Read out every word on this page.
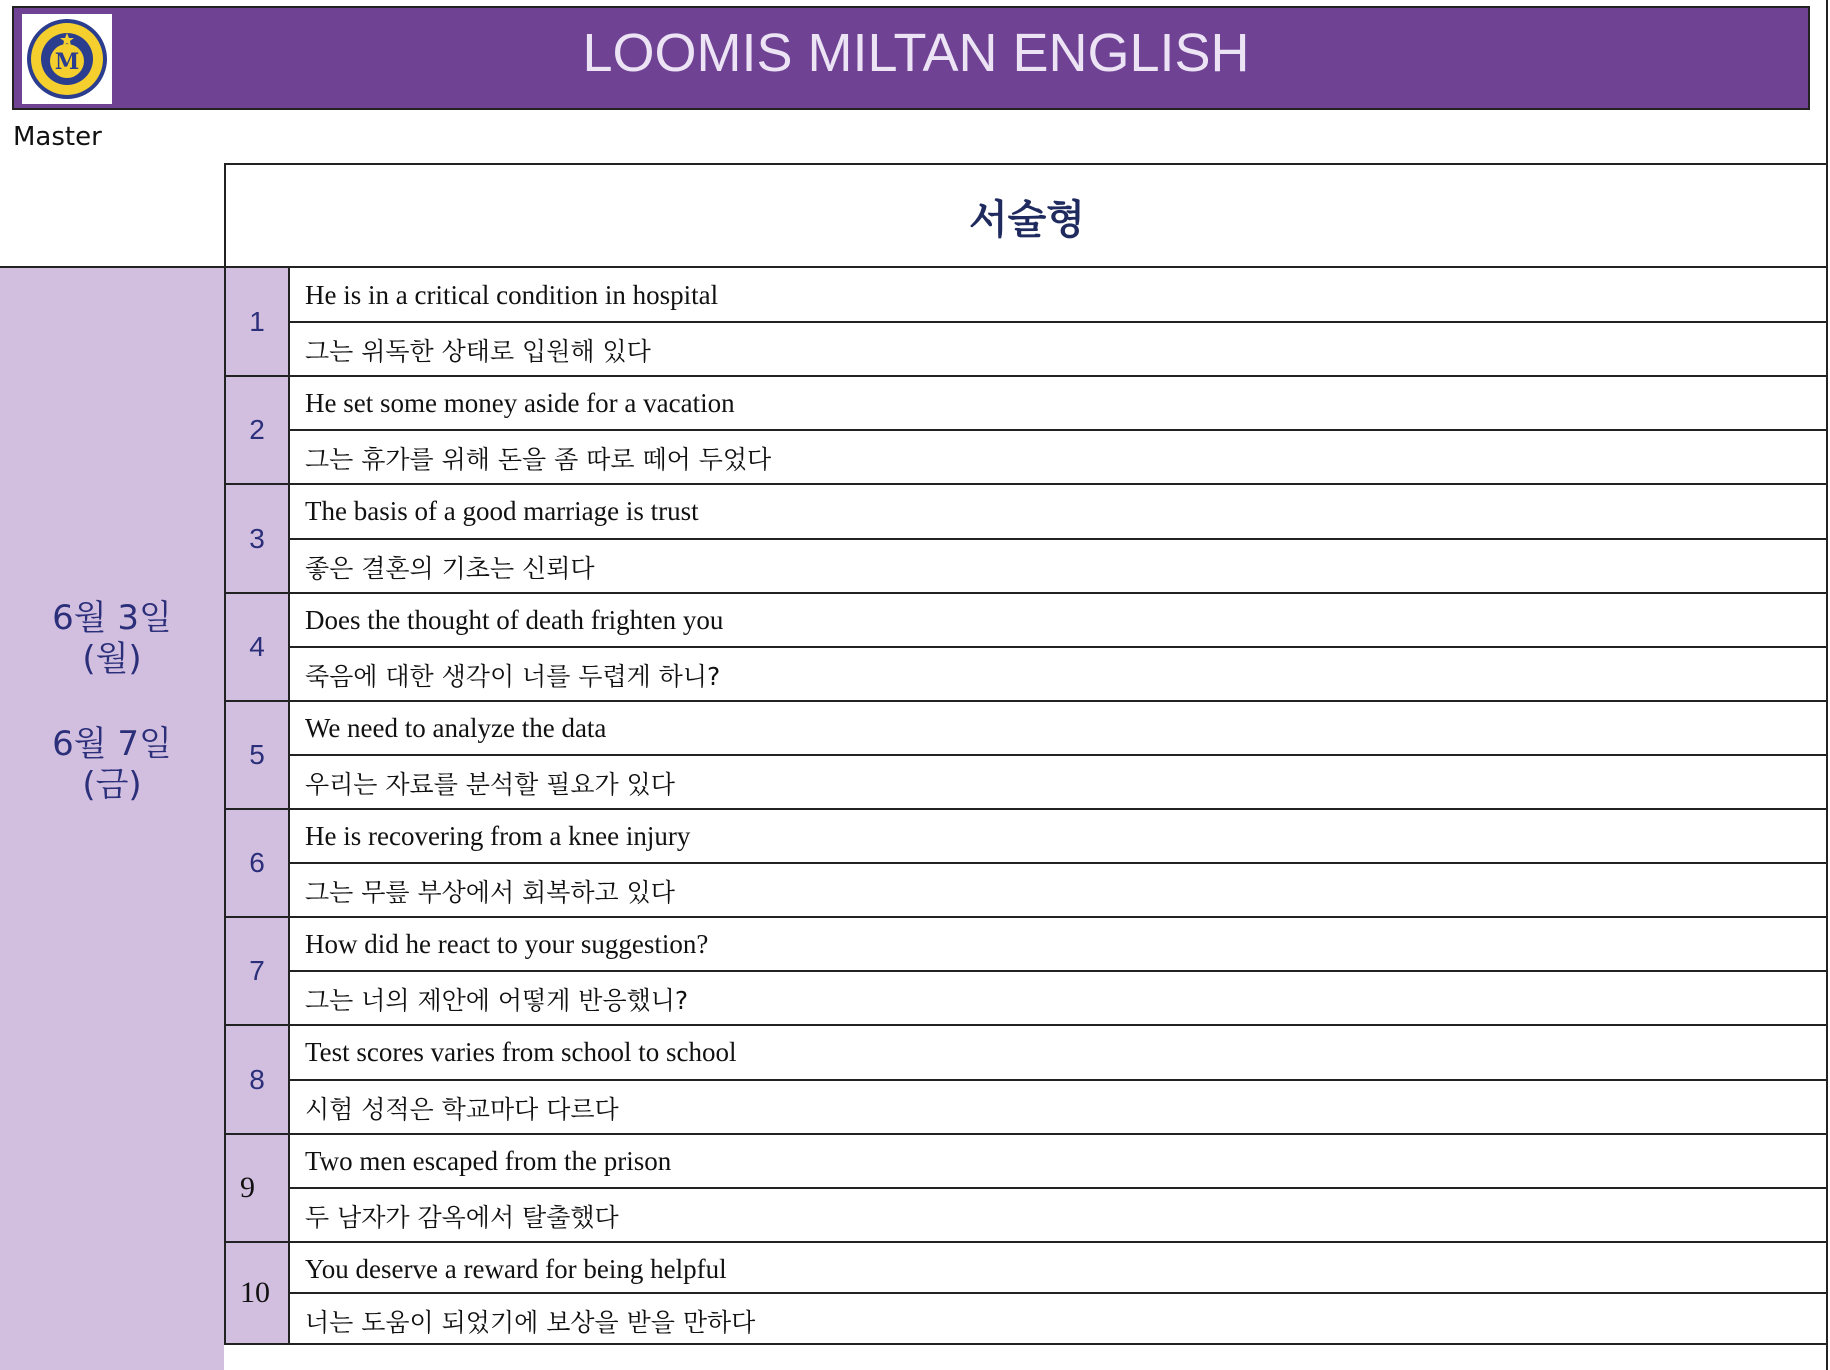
M	LOOMIS MILTAN ENGLISH
Master
서술형
6월 3일
(월)
6월 7일
(금)
1
He is in a critical condition in hospital
그는 위독한 상태로 입원해 있다
2
He set some money aside for a vacation
그는 휴가를 위해 돈을 좀 따로 떼어 두었다
3
The basis of a good marriage is trust
좋은 결혼의 기초는 신뢰다
4
Does the thought of death frighten you
죽음에 대한 생각이 너를 두렵게 하니?
5
We need to analyze the data
우리는 자료를 분석할 필요가 있다
6
He is recovering from a knee injury
그는 무릎 부상에서 회복하고 있다
7
How did he react to your suggestion?
그는 너의 제안에 어떻게 반응했니?
8
Test scores varies from school to school
시험 성적은 학교마다 다르다
9
Two men escaped from the prison
두 남자가 감옥에서 탈출했다
10
You deserve a reward for being helpful
너는 도움이 되었기에 보상을 받을 만하다
